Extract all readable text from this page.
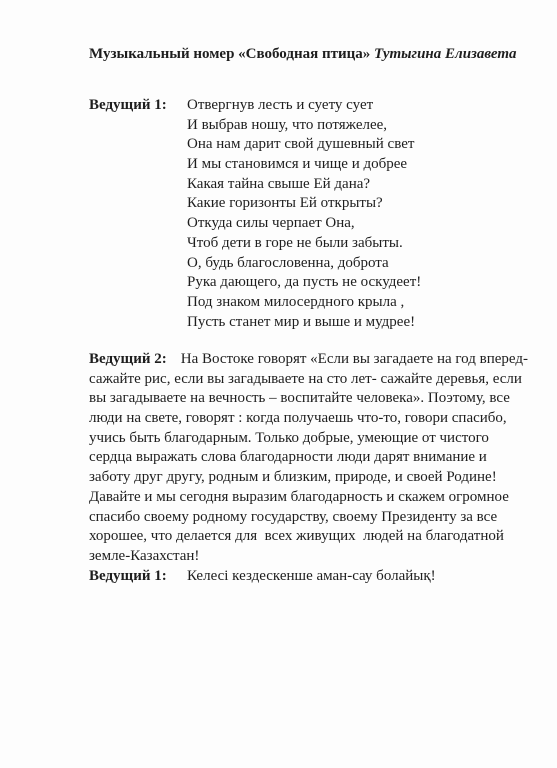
Музыкальный номер «Свободная птица» Тутыгина Елизавета
Ведущий 1: Отвергнув лесть и суету сует
И выбрав ношу, что потяжелее,
Она нам дарит свой душевный свет
И мы становимся и чище и добрее
Какая тайна свыше Ей дана?
Какие горизонты Ей открыты?
Откуда силы черпает Она,
Чтоб дети в горе не были забыты.
О, будь благословенна, доброта
Рука дающего, да пусть не оскудеет!
Под знаком милосердного крыла ,
Пусть станет мир и выше и мудрее!
Ведущий 2: На Востоке говорят «Если вы загадаете на год вперед-
сажайте рис, если вы загадываете на сто лет- сажайте деревья, если
вы загадываете на вечность – воспитайте человека». Поэтому, все
люди на свете, говорят : когда получаешь что-то, говори спасибо,
учись быть благодарным. Только добрые, умеющие от чистого
сердца выражать слова благодарности люди дарят внимание и
заботу друг другу, родным и близким, природе, и своей Родине!
Давайте и мы сегодня выразим благодарность и скажем огромное
спасибо своему родному государству, своему Президенту за все
хорошее, что делается для  всех живущих  людей на благодатной
земле-Казахстан!
Ведущий 1: Келесі кездескенше аман-сау болайық!
